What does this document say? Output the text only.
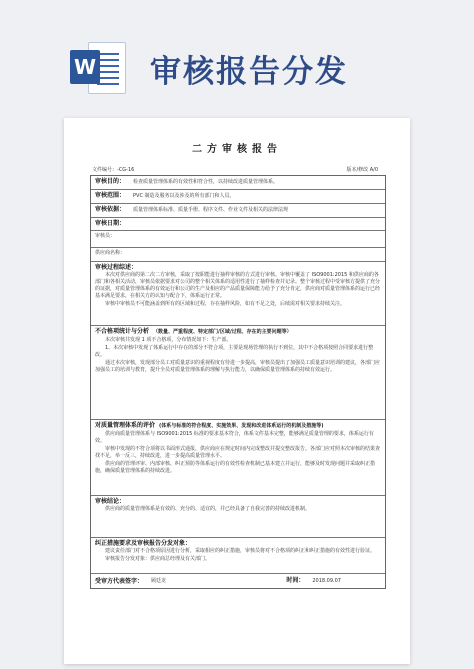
W 审核报告分发
二方审核报告
文件编号：-CG-16	版本/修改 A/0
审核目的： 检查质量管理体系的有效性和符合性，以持续改进质量管理体系。
审核范围： PVC 制造及服务以及涉及的所有部门和人员。
审核依据： 质量管理体系标准、质量手册、程序文件、作业文件及相关的法律法规
审核日期：
审核员：
供应商名称：
审核过程综述：
本次对供应商的第二次二方审核，采取了按职能进行抽样审核的方式进行审核。审核中覆盖了 ISO9001:2015 和供应商的各部门和各相关活动，审核员依据要求对公司的整个相关体系的适用性进行了抽样检查并记录。整个审核过程中受审核方提供了充分的证据，对质量管理体系的有效运行和公司的生产及相应的产品质量保障能力给予了充分肯定，供应商对质量管理体系的运行已经基本满足要求，在相关方的认知与配合下，体系运行正常。
审核中审核员不可能涵盖到所有的区域和过程，存在抽样风险，如有不足之处，后续需对相关要求持续关注。
不合格项统计与分析 （数量、严重程度、特定部门/区域/过程、存在的主要问题等）
本次审核共发现 1 项不合格项，分布情况如下：生产部。
1、本次审核中发现了体系运行中存在的部分不符合项，主要是现场管理的执行不到位，其中不合格项按照合同要求进行整改。
通过本次审核，发现部分员工对质量意识的重视程度有待进一步提高，审核员提出了加强员工质量意识培训的建议，各部门应加强员工的培训与教育，提升全员对质量管理体系的理解与执行能力，以确保质量管理体系的持续有效运行。
对质量管理体系的评价 (体系与标准的符合程度、实施效果、发现和改进体系运行的机制及措施等)
供应商质量管理体系与 ISO9001:2015 标准的要求基本符合，体系文件基本完整，能够满足质量管理的要求，体系运行有效。
审核中发现的不符合项将以书面形式通报，供应商应在规定时间内完成整改并提交整改报告。各部门应对照本次审核的结果查找不足，举一反三，持续改进，进一步提高质量管理水平。
供应商的管理评审、内部审核、纠正预防等体系运行的有效性检查机制已基本建立并运行，能够及时发现问题并采取纠正措施，确保质量管理体系的持续改进。
审核结论：
供应商的质量管理体系是有效的、充分的、适宜的，并已经具备了自我完善的持续改进机制。
纠正措施要求及审核报告分发对象：
建议责任部门对不合格项原因进行分析，采取相应的纠正措施，审核员将对不合格项的纠正和纠正措施的有效性进行验证。
审核报告分发对象：供应商总经理及有关部门。
受审方代表签字： 顾廷龙	时间： 2018.09.07
